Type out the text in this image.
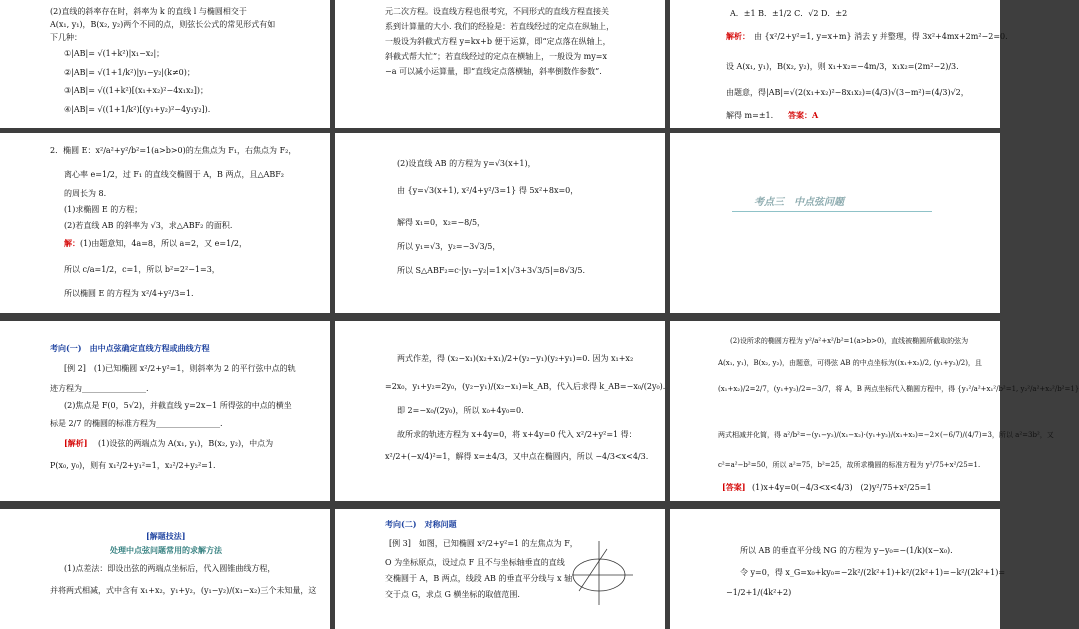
(2)直线的斜率存在时，斜率为 k 的直线 l 与椭圆相交于
A(x₁, y₁)，B(x₂, y₂)两个不同的点，则弦长公式的常见形式有如
下几种：
①|AB|= √(1+k²)|x₁−x₂|；
②|AB|= √(1+1/k²)|y₁−y₂|(k≠0)；
③|AB|= √((1+k²)[(x₁+x₂)²−4x₁x₂])；
④|AB|= √((1+1/k²)[(y₁+y₂)²−4y₁y₂]).
元二次方程。设直线方程也很考究，不同形式的直线方程直接关
系到计算量的大小. 我们的经验是：若直线经过的定点在纵轴上，
一般设为斜截式方程 y=kx+b 便于运算，即“定点落在纵轴上，
斜截式帮大忙”；若直线经过的定点在横轴上，一般设为 my=x
−a 可以减小运算量，即“直线定点落横轴，斜率倒数作参数”.
A．±1 B．±1/2 C．√2 D．±2
解析： 由 {x²/2+y²=1, y=x+m} 消去 y 并整理，得 3x²+4mx+2m²−2=0.
设 A(x₁, y₁)，B(x₂, y₂)，则 x₁+x₂=−4m/3，x₁x₂=(2m²−2)/3.
由题意，得|AB|=√(2(x₁+x₂)²−8x₁x₂)=(4/3)√(3−m²)=(4/3)√2，
解得 m=±1. 答案：A
2．椭圆 E：x²/a²+y²/b²=1(a>b>0)的左焦点为 F₁，右焦点为 F₂，
离心率 e=1/2，过 F₁ 的直线交椭圆于 A，B 两点，且△ABF₂
的周长为 8.
(1)求椭圆 E 的方程；
(2)若直线 AB 的斜率为 √3，求△ABF₂ 的面积.
解： (1)由题意知，4a=8，所以 a=2，又 e=1/2，
所以 c/a=1/2，c=1，所以 b²=2²−1=3，
所以椭圆 E 的方程为 x²/4+y²/3=1.
(2)设直线 AB 的方程为 y=√3(x+1)，
由 {y=√3(x+1), x²/4+y²/3=1} 得 5x²+8x=0，
解得 x₁=0，x₂=−8/5，
所以 y₁=√3，y₂=−3√3/5，
所以 S△ABF₂=c·|y₁−y₂|=1×|√3+3√3/5|=8√3/5.
考点三　中点弦问题
考向(一)　由中点弦确定直线方程或曲线方程
[例 2]　(1)已知椭圆 x²/2+y²=1，则斜率为 2 的平行弦中点的轨
迹方程为________________.
(2)焦点是 F(0，5√2)，并截直线 y=2x−1 所得弦的中点的横坐
标是 2/7 的椭圆的标准方程为________________.
[解析] (1)设弦的两端点为 A(x₁, y₁)，B(x₂, y₂)，中点为
P(x₀, y₀)，则有 x₁²/2+y₁²=1，x₂²/2+y₂²=1.
两式作差，得 (x₂−x₁)(x₂+x₁)/2+(y₂−y₁)(y₂+y₁)=0. 因为 x₁+x₂
=2x₀，y₁+y₂=2y₀，(y₂−y₁)/(x₂−x₁)=k_AB，代入后求得 k_AB=−x₀/(2y₀).
即 2=−x₀/(2y₀)，所以 x₀+4y₀=0.
故所求的轨迹方程为 x+4y=0，将 x+4y=0 代入 x²/2+y²=1 得：
x²/2+(−x/4)²=1，解得 x=±4/3，又中点在椭圆内，所以 −4/3<x<4/3.
(2)设所求的椭圆方程为 y²/a²+x²/b²=1(a>b>0)，直线被椭圆所截取的弦为
A(x₁, y₁)，B(x₂, y₂)，由题意，可得弦 AB 的中点坐标为((x₁+x₂)/2, (y₁+y₂)/2)，且
(x₁+x₂)/2=2/7，(y₁+y₂)/2=−3/7，将 A，B 两点坐标代入椭圆方程中，得 {y₁²/a²+x₁²/b²=1, y₂²/a²+x₂²/b²=1}
两式相减并化简，得 a²/b²=−(y₁−y₂)/(x₁−x₂)·(y₁+y₂)/(x₁+x₂)=−2×(−6/7)/(4/7)=3，所以 a²=3b²，又
c²=a²−b²=50，所以 a²=75，b²=25，故所求椭圆的标准方程为 y²/75+x²/25=1.
[答案] (1)x+4y=0(−4/3<x<4/3)　(2)y²/75+x²/25=1
[解题技法]
处理中点弦问题常用的求解方法
(1)点差法：即设出弦的两端点坐标后，代入圆锥曲线方程，
并将两式相减，式中含有 x₁+x₂，y₁+y₂，(y₁−y₂)/(x₁−x₂)三个未知量，这
考向(二)　对称问题
[例 3]　如图，已知椭圆 x²/2+y²=1 的左焦点为 F，
O 为坐标原点，设过点 F 且不与坐标轴垂直的直线
交椭圆于 A，B 两点，线段 AB 的垂直平分线与 x 轴
交于点 G，求点 G 横坐标的取值范围.
所以 AB 的垂直平分线 NG 的方程为 y−y₀=−(1/k)(x−x₀).
令 y=0，得 x_G=x₀+ky₀=−2k²/(2k²+1)+k²/(2k²+1)=−k²/(2k²+1)=
−1/2+1/(4k²+2)
